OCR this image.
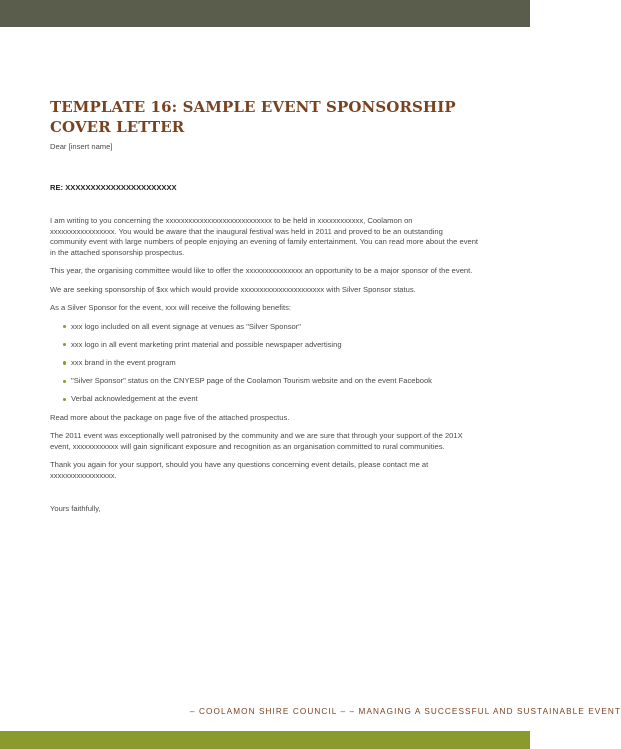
TEMPLATE 16: SAMPLE EVENT SPONSORSHIP COVER LETTER

Dear [insert name]

RE: XXXXXXXXXXXXXXXXXXXXXX

I am writing to you concerning the xxxxxxxxxxxxxxxxxxxxxxxxxxxx to be held in xxxxxxxxxxxx, Coolamon on xxxxxxxxxxxxxxxxx. You would be aware that the inaugural festival was held in 2011 and proved to be an outstanding community event with large numbers of people enjoying an evening of family entertainment. You can read more about the event in the attached sponsorship prospectus.

This year, the organising committee would like to offer the xxxxxxxxxxxxxxx an opportunity to be a major sponsor of the event.

We are seeking sponsorship of $xx which would provide xxxxxxxxxxxxxxxxxxxxxx with Silver Sponsor status.

As a Silver Sponsor for the event, xxx will receive the following benefits:

xxx logo included on all event signage at venues as "Silver Sponsor"
xxx logo in all event marketing print material and possible newspaper advertising
xxx brand in the event program
"Silver Sponsor" status on the CNYESP page of the Coolamon Tourism website and on the event Facebook
Verbal acknowledgement at the event

Read more about the package on page five of the attached prospectus.

The 2011 event was exceptionally well patronised by the community and we are sure that through your support of the 201X event, xxxxxxxxxxxx will gain significant exposure and recognition as an organisation committed to rural communities.

Thank you again for your support, should you have any questions concerning event details, please contact me at xxxxxxxxxxxxxxxxx.

Yours faithfully,

– COOLAMON SHIRE COUNCIL – – MANAGING A SUCCESSFUL AND SUSTAINABLE EVENT
